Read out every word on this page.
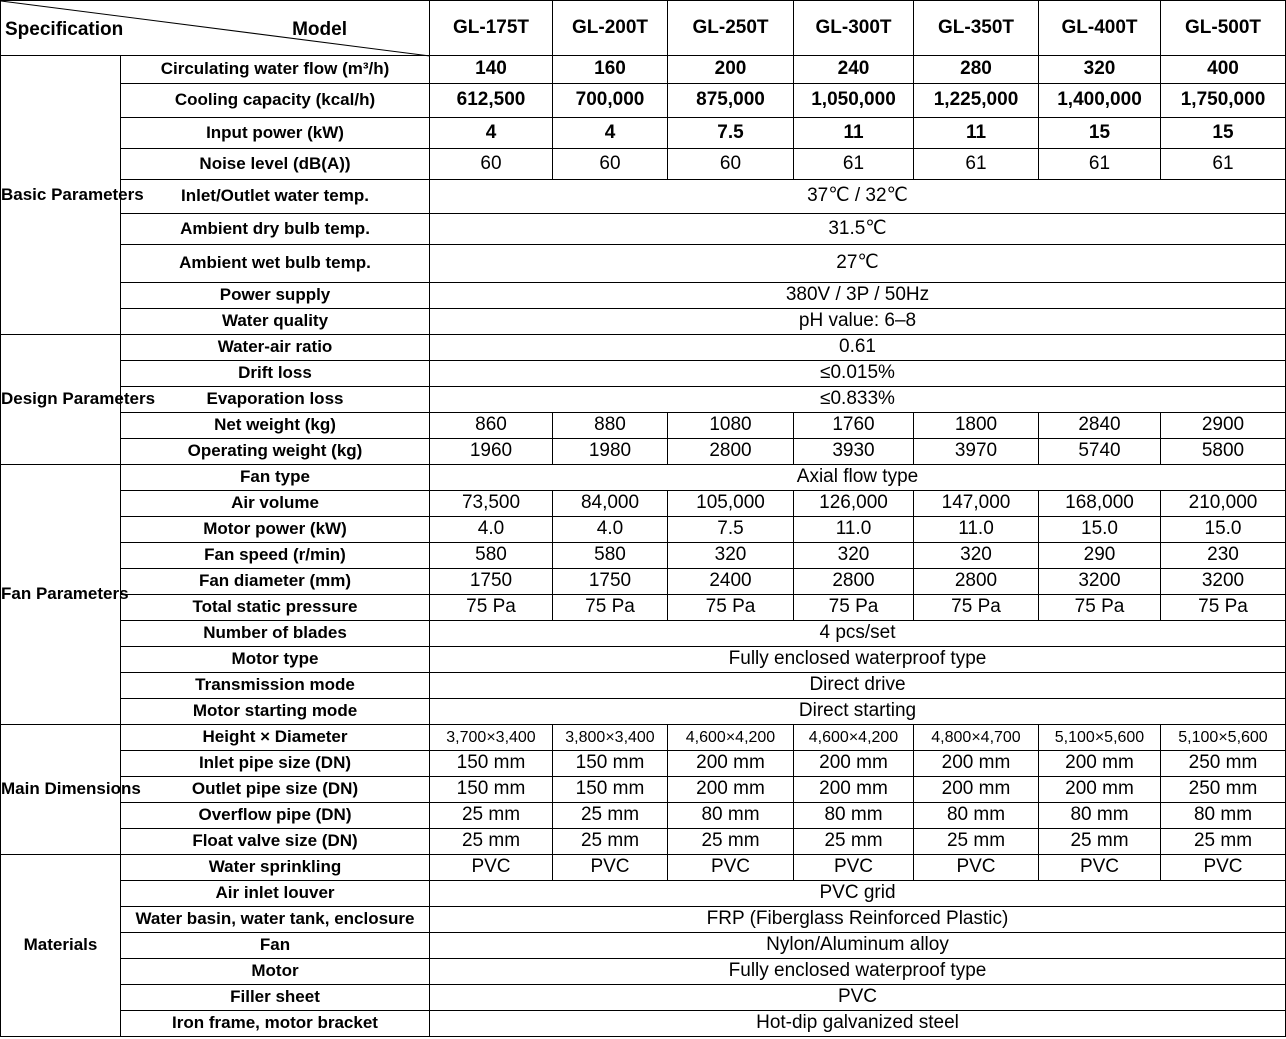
Specification Model		GL-175T	GL-200T	GL-250T	GL-300T	GL-350T	GL-400T	GL-500T
Basic Parameters	Circulating water flow (m³/h)	140	160	200	240	280	320	400
	Cooling capacity (kcal/h)	612,500	700,000	875,000	1,050,000	1,225,000	1,400,000	1,750,000
	Input power (kW)	4	4	7.5	11	11	15	15
	Noise level (dB(A))	60	60	60	61	61	61	61
	Inlet/Outlet water temp.	37℃ / 32℃						
	Ambient dry bulb temp.	31.5℃						
	Ambient wet bulb temp.	27℃						
	Power supply	380V / 3P / 50Hz						
	Water quality	pH value: 6–8						
Design Parameters	Water-air ratio	0.61						
	Drift loss	≤0.015%						
	Evaporation loss	≤0.833%						
	Net weight (kg)	860	880	1080	1760	1800	2840	2900
	Operating weight (kg)	1960	1980	2800	3930	3970	5740	5800
Fan Parameters	Fan type	Axial flow type						
	Air volume	73,500	84,000	105,000	126,000	147,000	168,000	210,000
	Motor power (kW)	4.0	4.0	7.5	11.0	11.0	15.0	15.0
	Fan speed (r/min)	580	580	320	320	320	290	230
	Fan diameter (mm)	1750	1750	2400	2800	2800	3200	3200
	Total static pressure	75 Pa	75 Pa	75 Pa	75 Pa	75 Pa	75 Pa	75 Pa
	Number of blades	4 pcs/set						
	Motor type	Fully enclosed waterproof type						
	Transmission mode	Direct drive						
	Motor starting mode	Direct starting						
Main Dimensions	Height × Diameter	3,700×3,400	3,800×3,400	4,600×4,200	4,600×4,200	4,800×4,700	5,100×5,600	5,100×5,600
	Inlet pipe size (DN)	150 mm	150 mm	200 mm	200 mm	200 mm	200 mm	250 mm
	Outlet pipe size (DN)	150 mm	150 mm	200 mm	200 mm	200 mm	200 mm	250 mm
	Overflow pipe (DN)	25 mm	25 mm	80 mm	80 mm	80 mm	80 mm	80 mm
	Float valve size (DN)	25 mm	25 mm	25 mm	25 mm	25 mm	25 mm	25 mm
Materials	Water sprinkling	PVC	PVC	PVC	PVC	PVC	PVC	PVC
	Air inlet louver	PVC grid						
	Water basin, water tank, enclosure	FRP (Fiberglass Reinforced Plastic)						
	Fan	Nylon/Aluminum alloy						
	Motor	Fully enclosed waterproof type						
	Filler sheet	PVC						
	Iron frame, motor bracket	Hot-dip galvanized steel						
